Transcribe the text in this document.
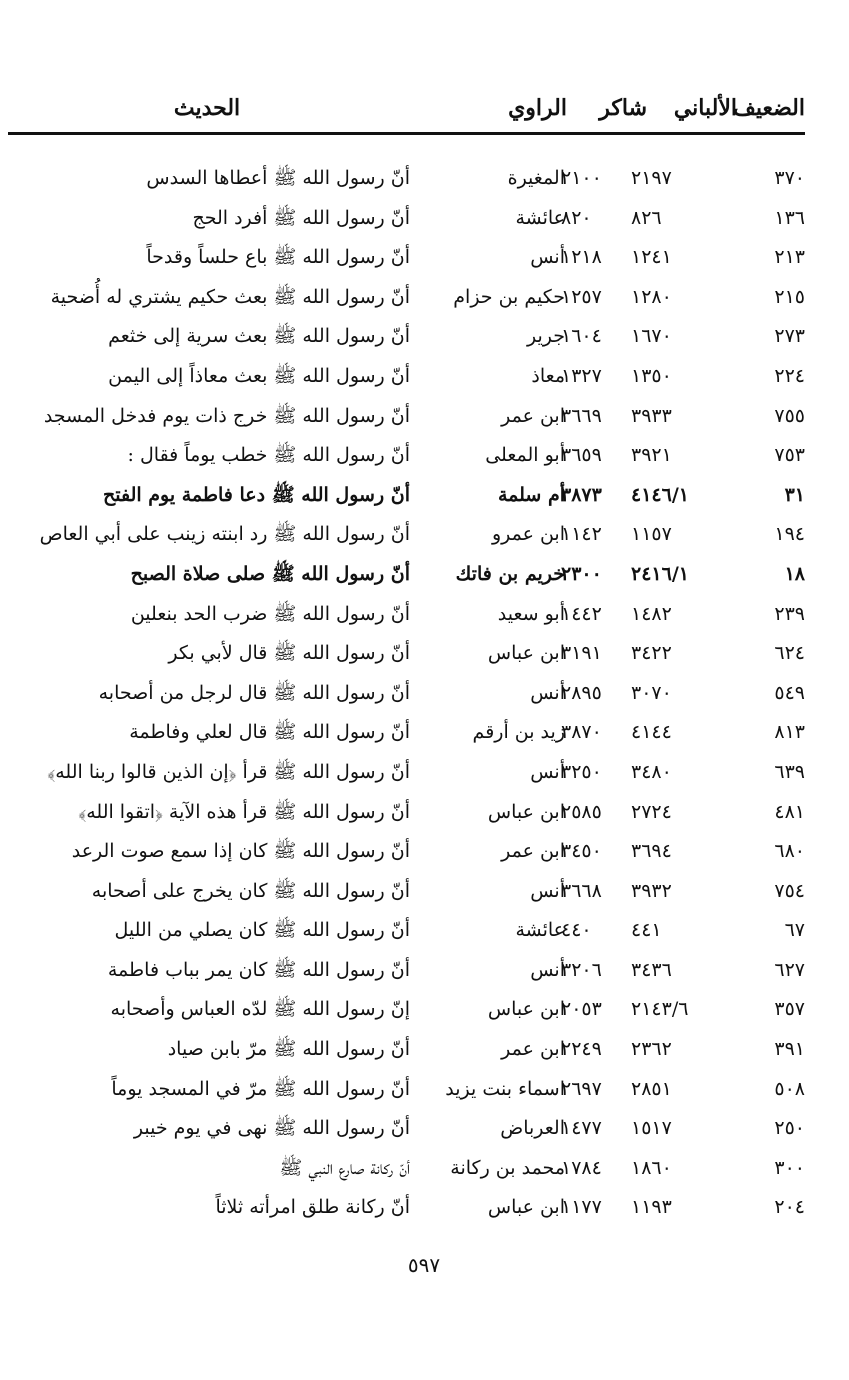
الضعيف
الألباني
شاكر
الراوي
الحديث
٣٧٠
٢١٩٧
٢١٠٠
المغيرة
أنّ رسول الله ﷺ أعطاها السدس
١٣٦
٨٢٦
٨٢٠
عائشة
أنّ رسول الله ﷺ أفرد الحج
٢١٣
١٢٤١
١٢١٨
أنس
أنّ رسول الله ﷺ باع حلساً وقدحاً
٢١٥
١٢٨٠
١٢٥٧
حكيم بن حزام
أنّ رسول الله ﷺ بعث حكيم يشتري له أُضحية
٢٧٣
١٦٧٠
١٦٠٤
جرير
أنّ رسول الله ﷺ بعث سرية إلى خثعم
٢٢٤
١٣٥٠
١٣٢٧
معاذ
أنّ رسول الله ﷺ بعث معاذاً إلى اليمن
٧٥٥
٣٩٣٣
٣٦٦٩
ابن عمر
أنّ رسول الله ﷺ خرج ذات يوم فدخل المسجد
٧٥٣
٣٩٢١
٣٦٥٩
أبو المعلى
أنّ رسول الله ﷺ خطب يوماً فقال :
٣١
٤١٤٦/١
٣٨٧٣
أم سلمة
أنّ رسول الله ﷺ دعا فاطمة يوم الفتح
١٩٤
١١٥٧
١١٤٢
ابن عمرو
أنّ رسول الله ﷺ رد ابنته زينب على أبي العاص
١٨
٢٤١٦/١
٢٣٠٠
خريم بن فاتك
أنّ رسول الله ﷺ صلى صلاة الصبح
٢٣٩
١٤٨٢
١٤٤٢
أبو سعيد
أنّ رسول الله ﷺ ضرب الحد بنعلين
٦٢٤
٣٤٢٢
٣١٩١
ابن عباس
أنّ رسول الله ﷺ قال لأبي بكر
٥٤٩
٣٠٧٠
٢٨٩٥
أنس
أنّ رسول الله ﷺ قال لرجل من أصحابه
٨١٣
٤١٤٤
٣٨٧٠
زيد بن أرقم
أنّ رسول الله ﷺ قال لعلي وفاطمة
٦٣٩
٣٤٨٠
٣٢٥٠
أنس
أنّ رسول الله ﷺ قرأ ﴿إن الذين قالوا ربنا الله﴾
٤٨١
٢٧٢٤
٢٥٨٥
ابن عباس
أنّ رسول الله ﷺ قرأ هذه الآية ﴿اتقوا الله﴾
٦٨٠
٣٦٩٤
٣٤٥٠
ابن عمر
أنّ رسول الله ﷺ كان إذا سمع صوت الرعد
٧٥٤
٣٩٣٢
٣٦٦٨
أنس
أنّ رسول الله ﷺ كان يخرج على أصحابه
٦٧
٤٤١
٤٤٠
عائشة
أنّ رسول الله ﷺ كان يصلي من الليل
٦٢٧
٣٤٣٦
٣٢٠٦
أنس
أنّ رسول الله ﷺ كان يمر بباب فاطمة
٣٥٧
٢١٤٣/٦
٢٠٥٣
ابن عباس
إنّ رسول الله ﷺ لدّه العباس وأصحابه
٣٩١
٢٣٦٢
٢٢٤٩
ابن عمر
أنّ رسول الله ﷺ مرّ بابن صياد
٥٠٨
٢٨٥١
٢٦٩٧
اسماء بنت يزيد
أنّ رسول الله ﷺ مرّ في المسجد يوماً
٢٥٠
١٥١٧
١٤٧٧
العرباض
أنّ رسول الله ﷺ نهى في يوم خيبر
٣٠٠
١٨٦٠
١٧٨٤
محمد بن ركانة
أنّ ركانة صارع النبي ﷺ
٢٠٤
١١٩٣
١١٧٧
ابن عباس
أنّ ركانة طلق امرأته ثلاثاً
٥٩٧
